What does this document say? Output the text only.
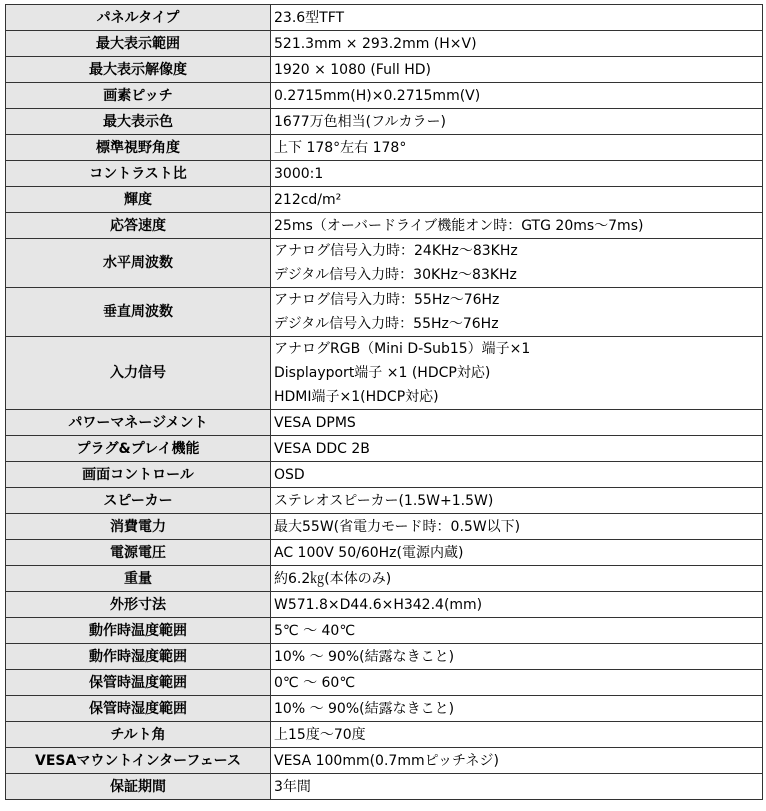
パネルタイプ	23.6型TFT

最大表示範囲	521.3mm × 293.2mm (H×V)

最大表示解像度	1920 × 1080 (Full HD)

画素ピッチ	0.2715mm(H)×0.2715mm(V)

最大表示色	1677万色相当(フルカラー)

標準視野角度	上下 178°左右 178°

コントラスト比	3000:1

輝度	212cd/m²

応答速度	25ms（オーバードライブ機能オン時：GTG 20ms〜7ms)

水平周波数	アナログ信号入力時：24KHz〜83KHz
デジタル信号入力時：30KHz〜83KHz

垂直周波数	アナログ信号入力時：55Hz〜76Hz
デジタル信号入力時：55Hz〜76Hz

入力信号	アナログRGB（Mini D-Sub15）端子×1
Displayport端子 ×1 (HDCP対応)
HDMI端子×1(HDCP対応)

パワーマネージメント	VESA DPMS

プラグ&プレイ機能	VESA DDC 2B

画面コントロール	OSD

スピーカー	ステレオスピーカー(1.5W+1.5W)

消費電力	最大55W(省電力モード時：0.5W以下)

電源電圧	AC 100V 50/60Hz(電源内蔵)

重量	約6.2㎏(本体のみ)

外形寸法	W571.8×D44.6×H342.4(mm)

動作時温度範囲	5℃ 〜 40℃

動作時湿度範囲	10% 〜 90%(結露なきこと)

保管時温度範囲	0℃ 〜 60℃

保管時湿度範囲	10% 〜 90%(結露なきこと)

チルト角	上15度〜70度

VESAマウントインターフェース	VESA 100mm(0.7mmピッチネジ)

保証期間	3年間
